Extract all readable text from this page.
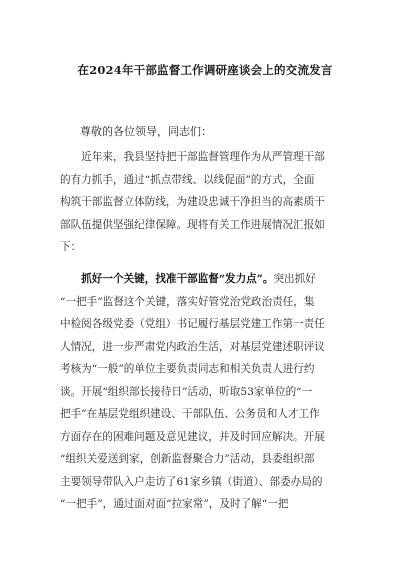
在2024年干部监督工作调研座谈会上的交流发言
尊敬的各位领导，同志们：
　　近年来，我县坚持把干部监督管理作为从严管理干部
的有力抓手，通过“抓点带线、以线促面”的方式，全面
构筑干部监督立体防线，为建设忠诚干净担当的高素质干
部队伍提供坚强纪律保障。现将有关工作进展情况汇报如
下：
　　抓好一个关键，找准干部监督“发力点”。突出抓好
“一把手”监督这个关键，落实好管党治党政治责任，集
中检阅各级党委（党组）书记履行基层党建工作第一责任
人情况，进一步严肃党内政治生活，对基层党建述职评议
考核为“一般”的单位主要负责同志和相关负责人进行约
谈。开展“组织部长接待日”活动，听取53家单位的“一
把手”在基层党组织建设、干部队伍、公务员和人才工作
方面存在的困难问题及意见建议，并及时回应解决。开展
“组织关爱送到家，创新监督聚合力”活动，县委组织部
主要领导带队入户走访了61家乡镇（街道）、部委办局的
“一把手”，通过面对面“拉家常”，及时了解“一把
